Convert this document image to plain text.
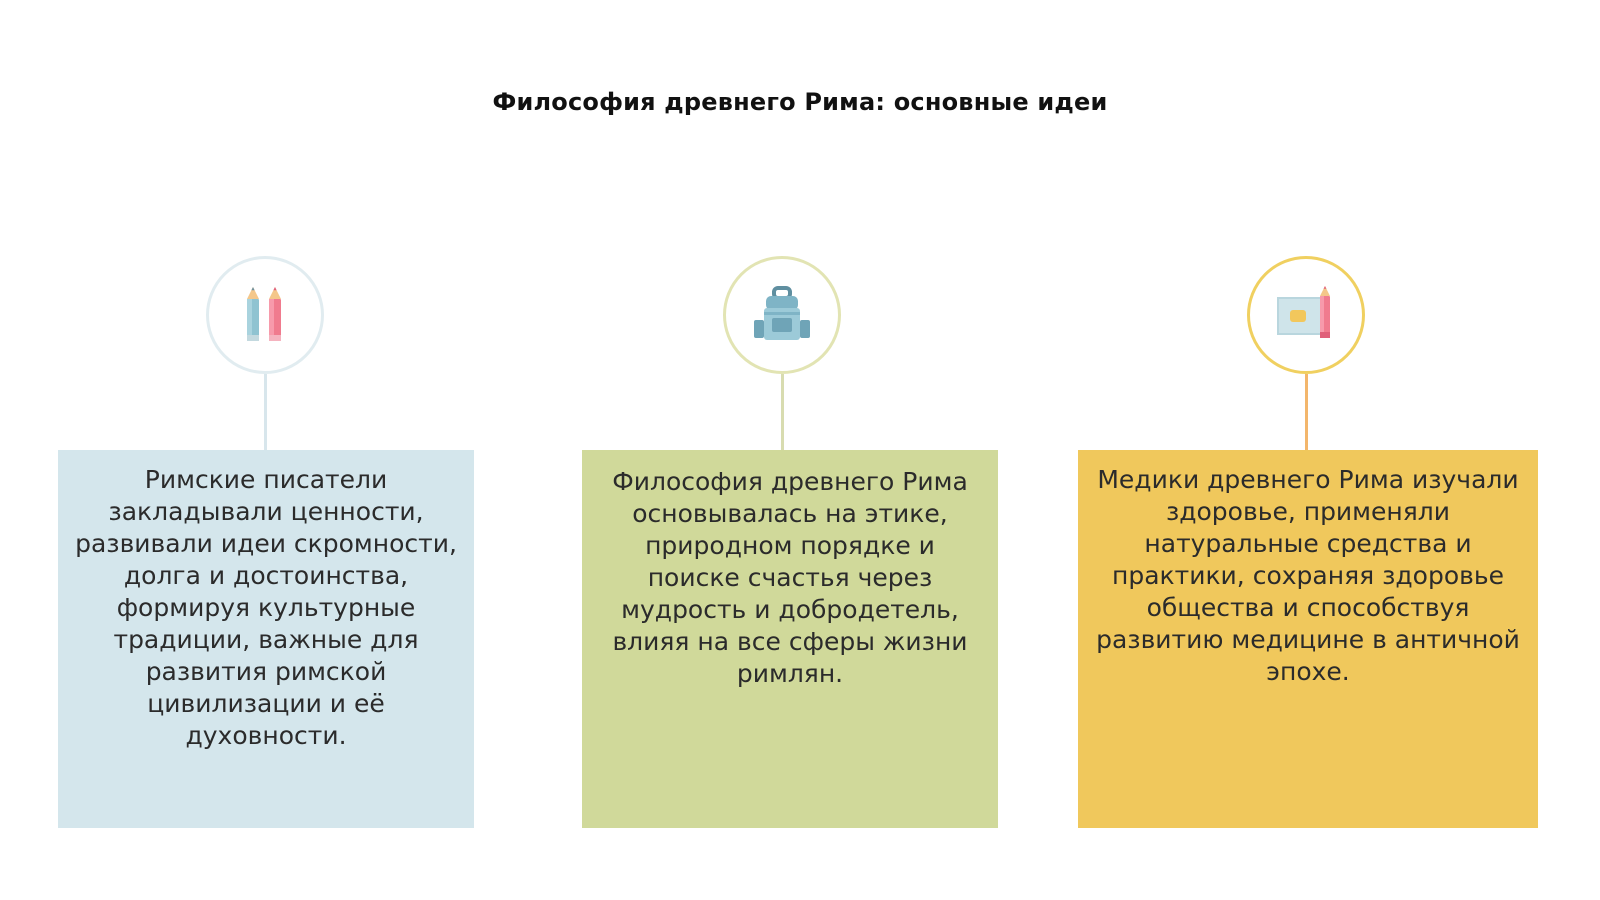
Философия древнего Рима: основные идеи
Римские писатели закладывали ценности, развивали идеи скромности, долга и достоинства, формируя культурные традиции, важные для развития римской цивилизации и её духовности.
Философия древнего Рима основывалась на этике, природном порядке и поиске счастья через мудрость и добродетель, влияя на все сферы жизни римлян.
Медики древнего Рима изучали здоровье, применяли натуральные средства и практики, сохраняя здоровье общества и способствуя развитию медицине в античной эпохе.
